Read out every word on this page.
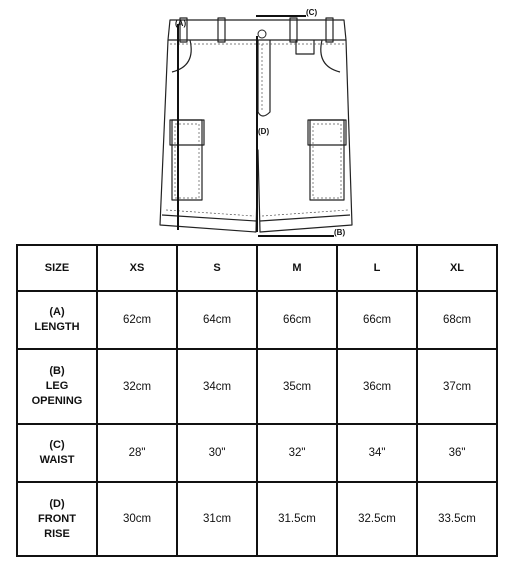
(A)
(D)
(C)
(B)
SIZE	XS	S	M	L	XL

(A)
LENGTH	62cm	64cm	66cm	66cm	68cm

(B)
LEG
OPENING	32cm	34cm	35cm	36cm	37cm

(C)
WAIST	28"	30"	32"	34"	36"

(D)
FRONT
RISE	30cm	31cm	31.5cm	32.5cm	33.5cm
